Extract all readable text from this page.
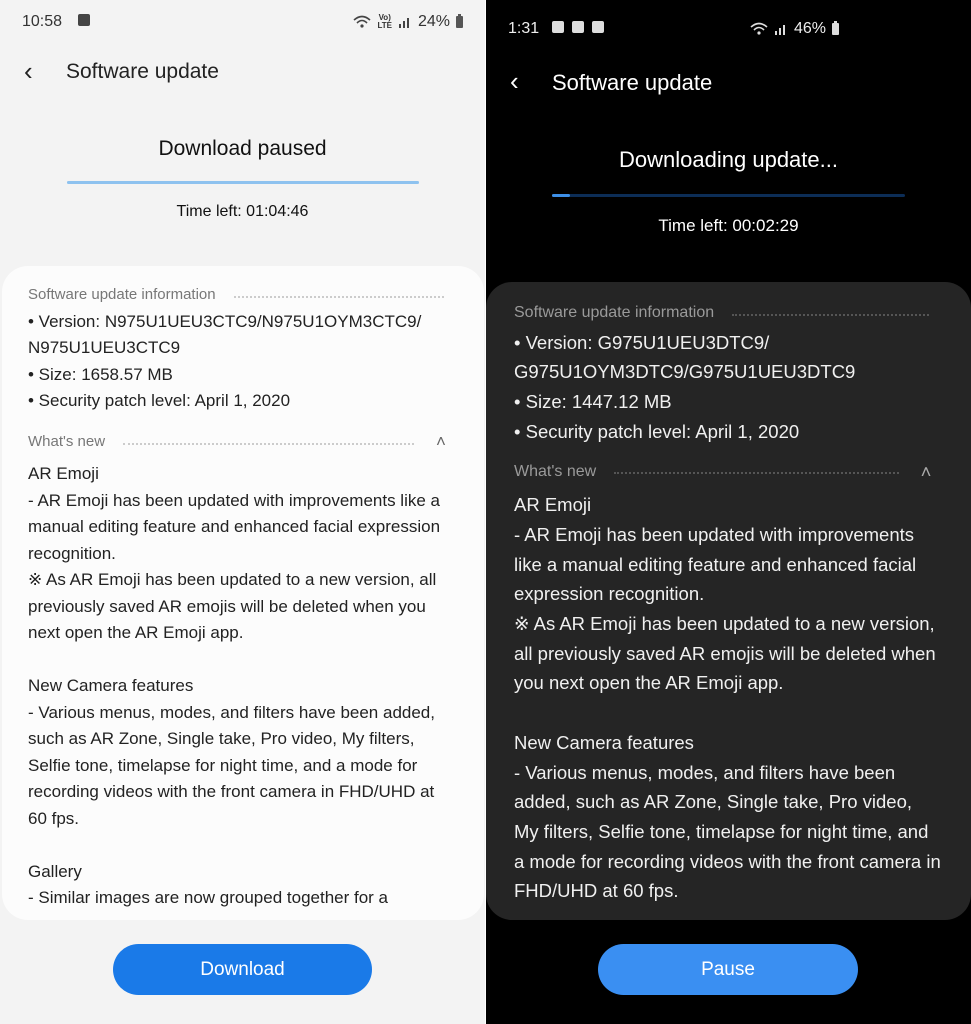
10:58	Vo)
LTE 24%
‹ Software update
Download paused
Time left: 01:04:46
Software update information
• Version: N975U1UEU3CTC9/N975U1OYM3CTC9/
N975U1UEU3CTC9
• Size: 1658.57 MB
• Security patch level: April 1, 2020
What's new	˄
AR Emoji
- AR Emoji has been updated with improvements like a manual editing feature and enhanced facial expression recognition.
※ As AR Emoji has been updated to a new version, all previously saved AR emojis will be deleted when you next open the AR Emoji app.

New Camera features
- Various menus, modes, and filters have been added, such as AR Zone, Single take, Pro video, My filters, Selfie tone, timelapse for night time, and a mode for recording videos with the front camera in FHD/UHD at 60 fps.

Gallery
- Similar images are now grouped together for a
Download
1:31	46%
‹ Software update
Downloading update...
Time left: 00:02:29
Software update information
• Version: G975U1UEU3DTC9/
G975U1OYM3DTC9/G975U1UEU3DTC9
• Size: 1447.12 MB
• Security patch level: April 1, 2020
What's new	˄
AR Emoji
- AR Emoji has been updated with improvements like a manual editing feature and enhanced facial expression recognition.
※ As AR Emoji has been updated to a new version, all previously saved AR emojis will be deleted when you next open the AR Emoji app.

New Camera features
- Various menus, modes, and filters have been added, such as AR Zone, Single take, Pro video, My filters, Selfie tone, timelapse for night time, and a mode for recording videos with the front camera in FHD/UHD at 60 fps.
Pause
